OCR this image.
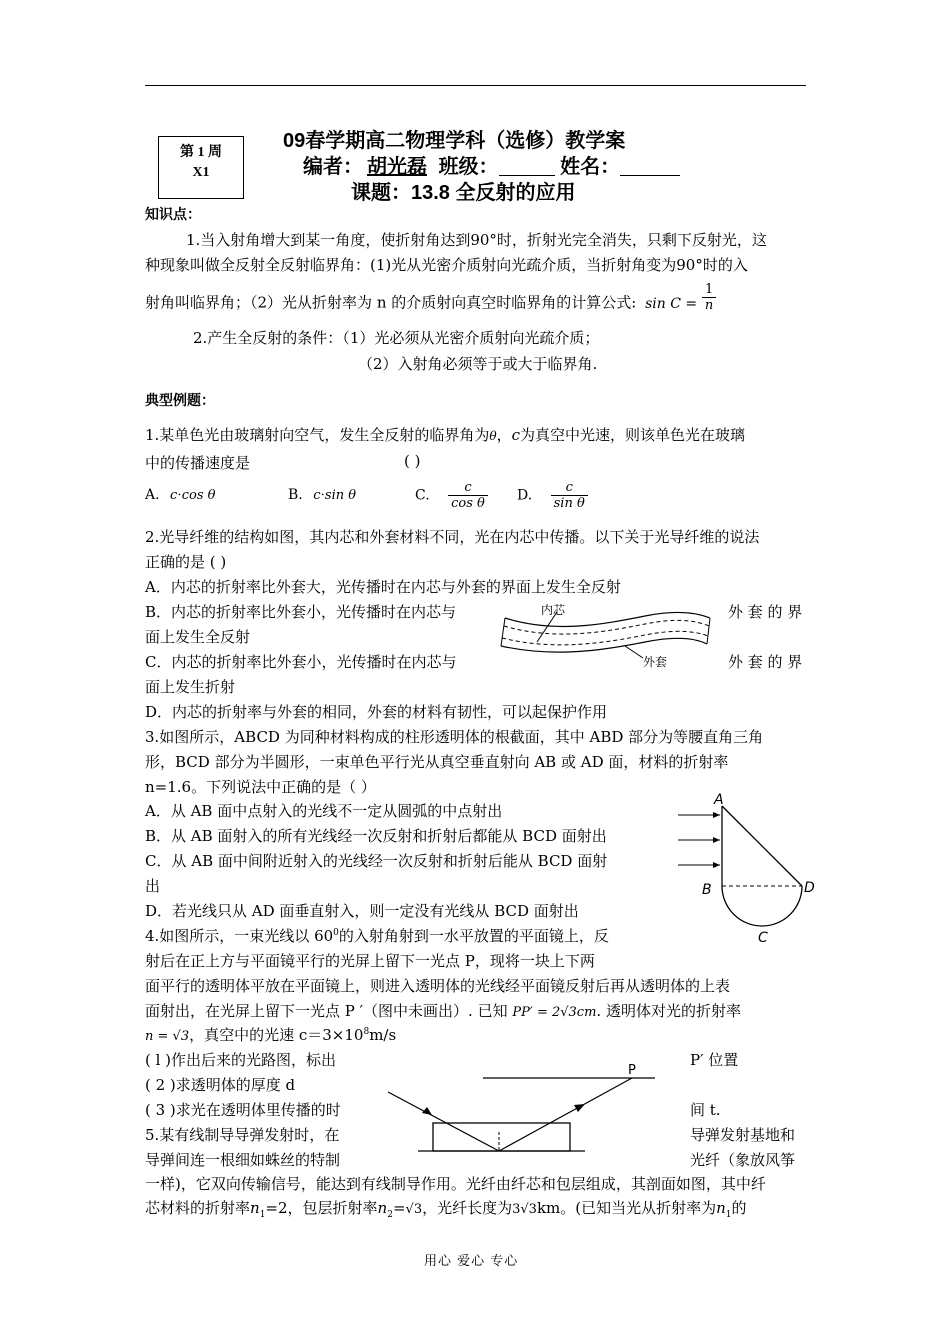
第 1 周
X1
09春学期高二物理学科（选修）教学案
编者： 胡光磊 班级：	姓名：
课题：13.8 全反射的应用
知识点：
1.当入射角增大到某一角度，使折射角达到90°时，折射光完全消失，只剩下反射光，这
种现象叫做全反射全反射临界角：(1)光从光密介质射向光疏介质，当折射角变为90°时的入
射角叫临界角；（2）光从折射率为 n 的介质射向真空时临界角的计算公式: $\sin C = \frac{1}{n}$
2.产生全反射的条件：（1）光必须从光密介质射向光疏介质；
（2）入射角必须等于或大于临界角.
典型例题：
1.某单色光由玻璃射向空气，发生全反射的临界角为θ，c为真空中光速，则该单色光在玻璃
中的传播速度是	( )
A. c⋅cos θ	B. c⋅sin θ	C. $\frac{c}{\text{cos θ}} D$. $\frac{c}{\text{sin θ}}$
2.光导纤维的结构如图，其内芯和外套材料不同，光在内芯中传播。以下关于光导纤维的说法
正确的是 ( )
A．内芯的折射率比外套大，光传播时在内芯与外套的界面上发生全反射
B．内芯的折射率比外套小，光传播时在内芯与	外 套 的 界
面上发生全反射
C．内芯的折射率比外套小，光传播时在内芯与	外 套 的 界
面上发生折射
D．内芯的折射率与外套的相同，外套的材料有韧性，可以起保护作用
内芯
外套
3.如图所示，ABCD 为同种材料构成的柱形透明体的根截面，其中 ABD 部分为等腰直角三角
形，BCD 部分为半圆形，一束单色平行光从真空垂直射向 AB 或 AD 面，材料的折射率
n=1.6。下列说法中正确的是（ ）
A．从 AB 面中点射入的光线不一定从圆弧的中点射出
B．从 AB 面射入的所有光线经一次反射和折射后都能从 BCD 面射出
C．从 AB 面中间附近射入的光线经一次反射和折射后能从 BCD 面射
出
D．若光线只从 AD 面垂直射入，则一定没有光线从 BCD 面射出
A
B	D
C
4.如图所示，一束光线以 $60^0$的入射角射到一水平放置的平面镜上，反
射后在正上方与平面镜平行的光屏上留下一光点 P，现将一块上下两
面平行的透明体平放在平面镜上，则进入透明体的光线经平面镜反射后再从透明体的上表
面射出，在光屏上留下一光点 P ′（图中未画出）. 已知 PP′ = 2√3cm. 透明体对光的折射率
n = √3，真空中的光速 $c=3\times 10^8m/s$
( l )作出后来的光路图，标出	P′ 位置
( 2 )求透明体的厚度 d
( 3 )求光在透明体里传播的时	间 t.
P
5.某有线制导导弹发射时，在	导弹发射基地和
导弹间连一根细如蛛丝的特制	光纤（象放风筝
一样)，它双向传输信号，能达到有线制导作用。光纤由纤芯和包层组成，其剖面如图，其中纤
芯材料的折射率$n_1=2$，包层折射率$n_2=√3$，光纤长度为3√3km。(已知当光从折射率为$n_1$的
用心 爱心 专心
